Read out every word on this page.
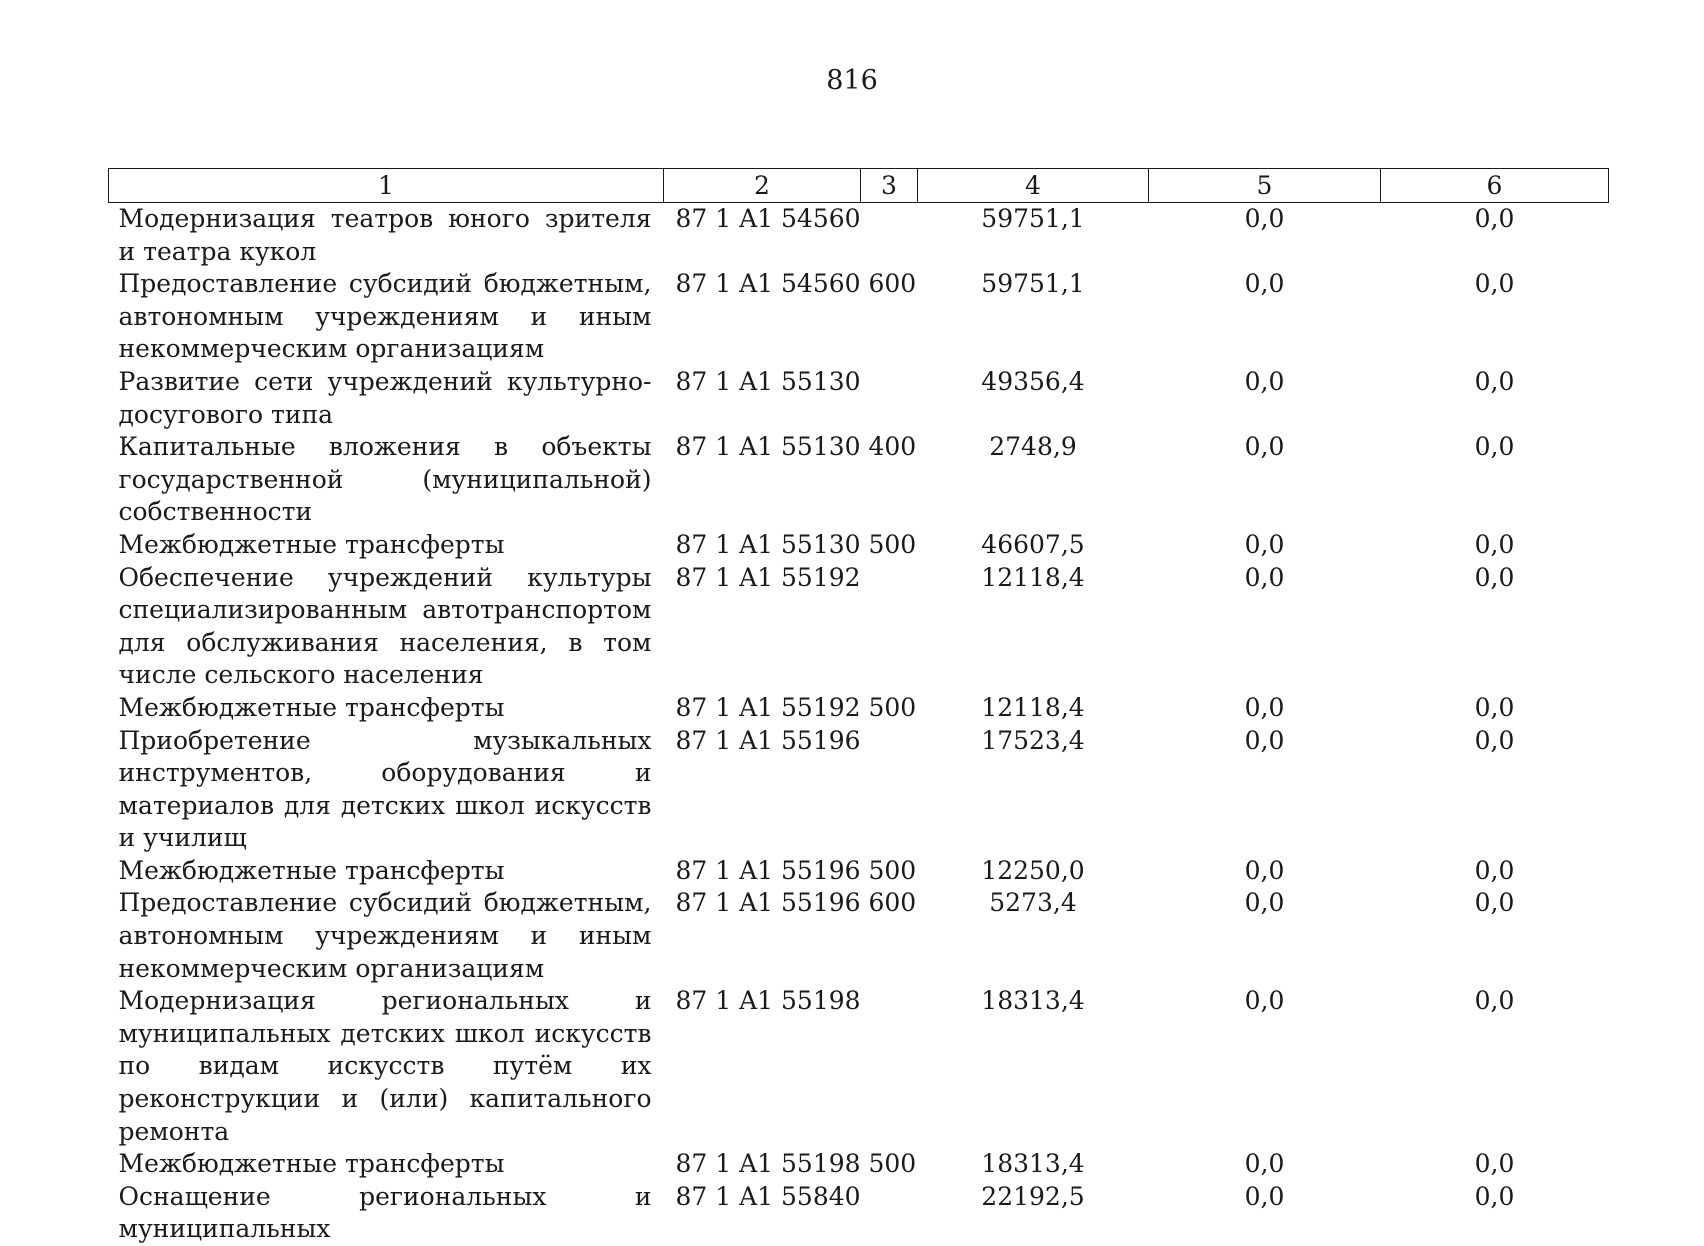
816
1	2	3	4	5	6
Модернизация театров юного зрителя и театра кукол	87 1 A1 54560		59751,1	0,0	0,0
Предоставление субсидий бюджетным, автономным учреждениям и иным некоммерческим организациям	87 1 A1 54560	600	59751,1	0,0	0,0
Развитие сети учреждений культурно-досугового типа	87 1 A1 55130		49356,4	0,0	0,0
Капитальные вложения в объекты государственной (муниципальной) собственности	87 1 A1 55130	400	2748,9	0,0	0,0
Межбюджетные трансферты	87 1 A1 55130	500	46607,5	0,0	0,0
Обеспечение учреждений культуры специализированным автотранспортом для обслуживания населения, в том числе сельского населения	87 1 A1 55192		12118,4	0,0	0,0
Межбюджетные трансферты	87 1 A1 55192	500	12118,4	0,0	0,0
Приобретение музыкальных инструментов, оборудования и материалов для детских школ искусств и училищ	87 1 A1 55196		17523,4	0,0	0,0
Межбюджетные трансферты	87 1 A1 55196	500	12250,0	0,0	0,0
Предоставление субсидий бюджетным, автономным учреждениям и иным некоммерческим организациям	87 1 A1 55196	600	5273,4	0,0	0,0
Модернизация региональных и муниципальных детских школ искусств по видам искусств путём их реконструкции и (или) капитального ремонта	87 1 A1 55198		18313,4	0,0	0,0
Межбюджетные трансферты	87 1 A1 55198	500	18313,4	0,0	0,0
Оснащение региональных и муниципальных	87 1 A1 55840		22192,5	0,0	0,0
